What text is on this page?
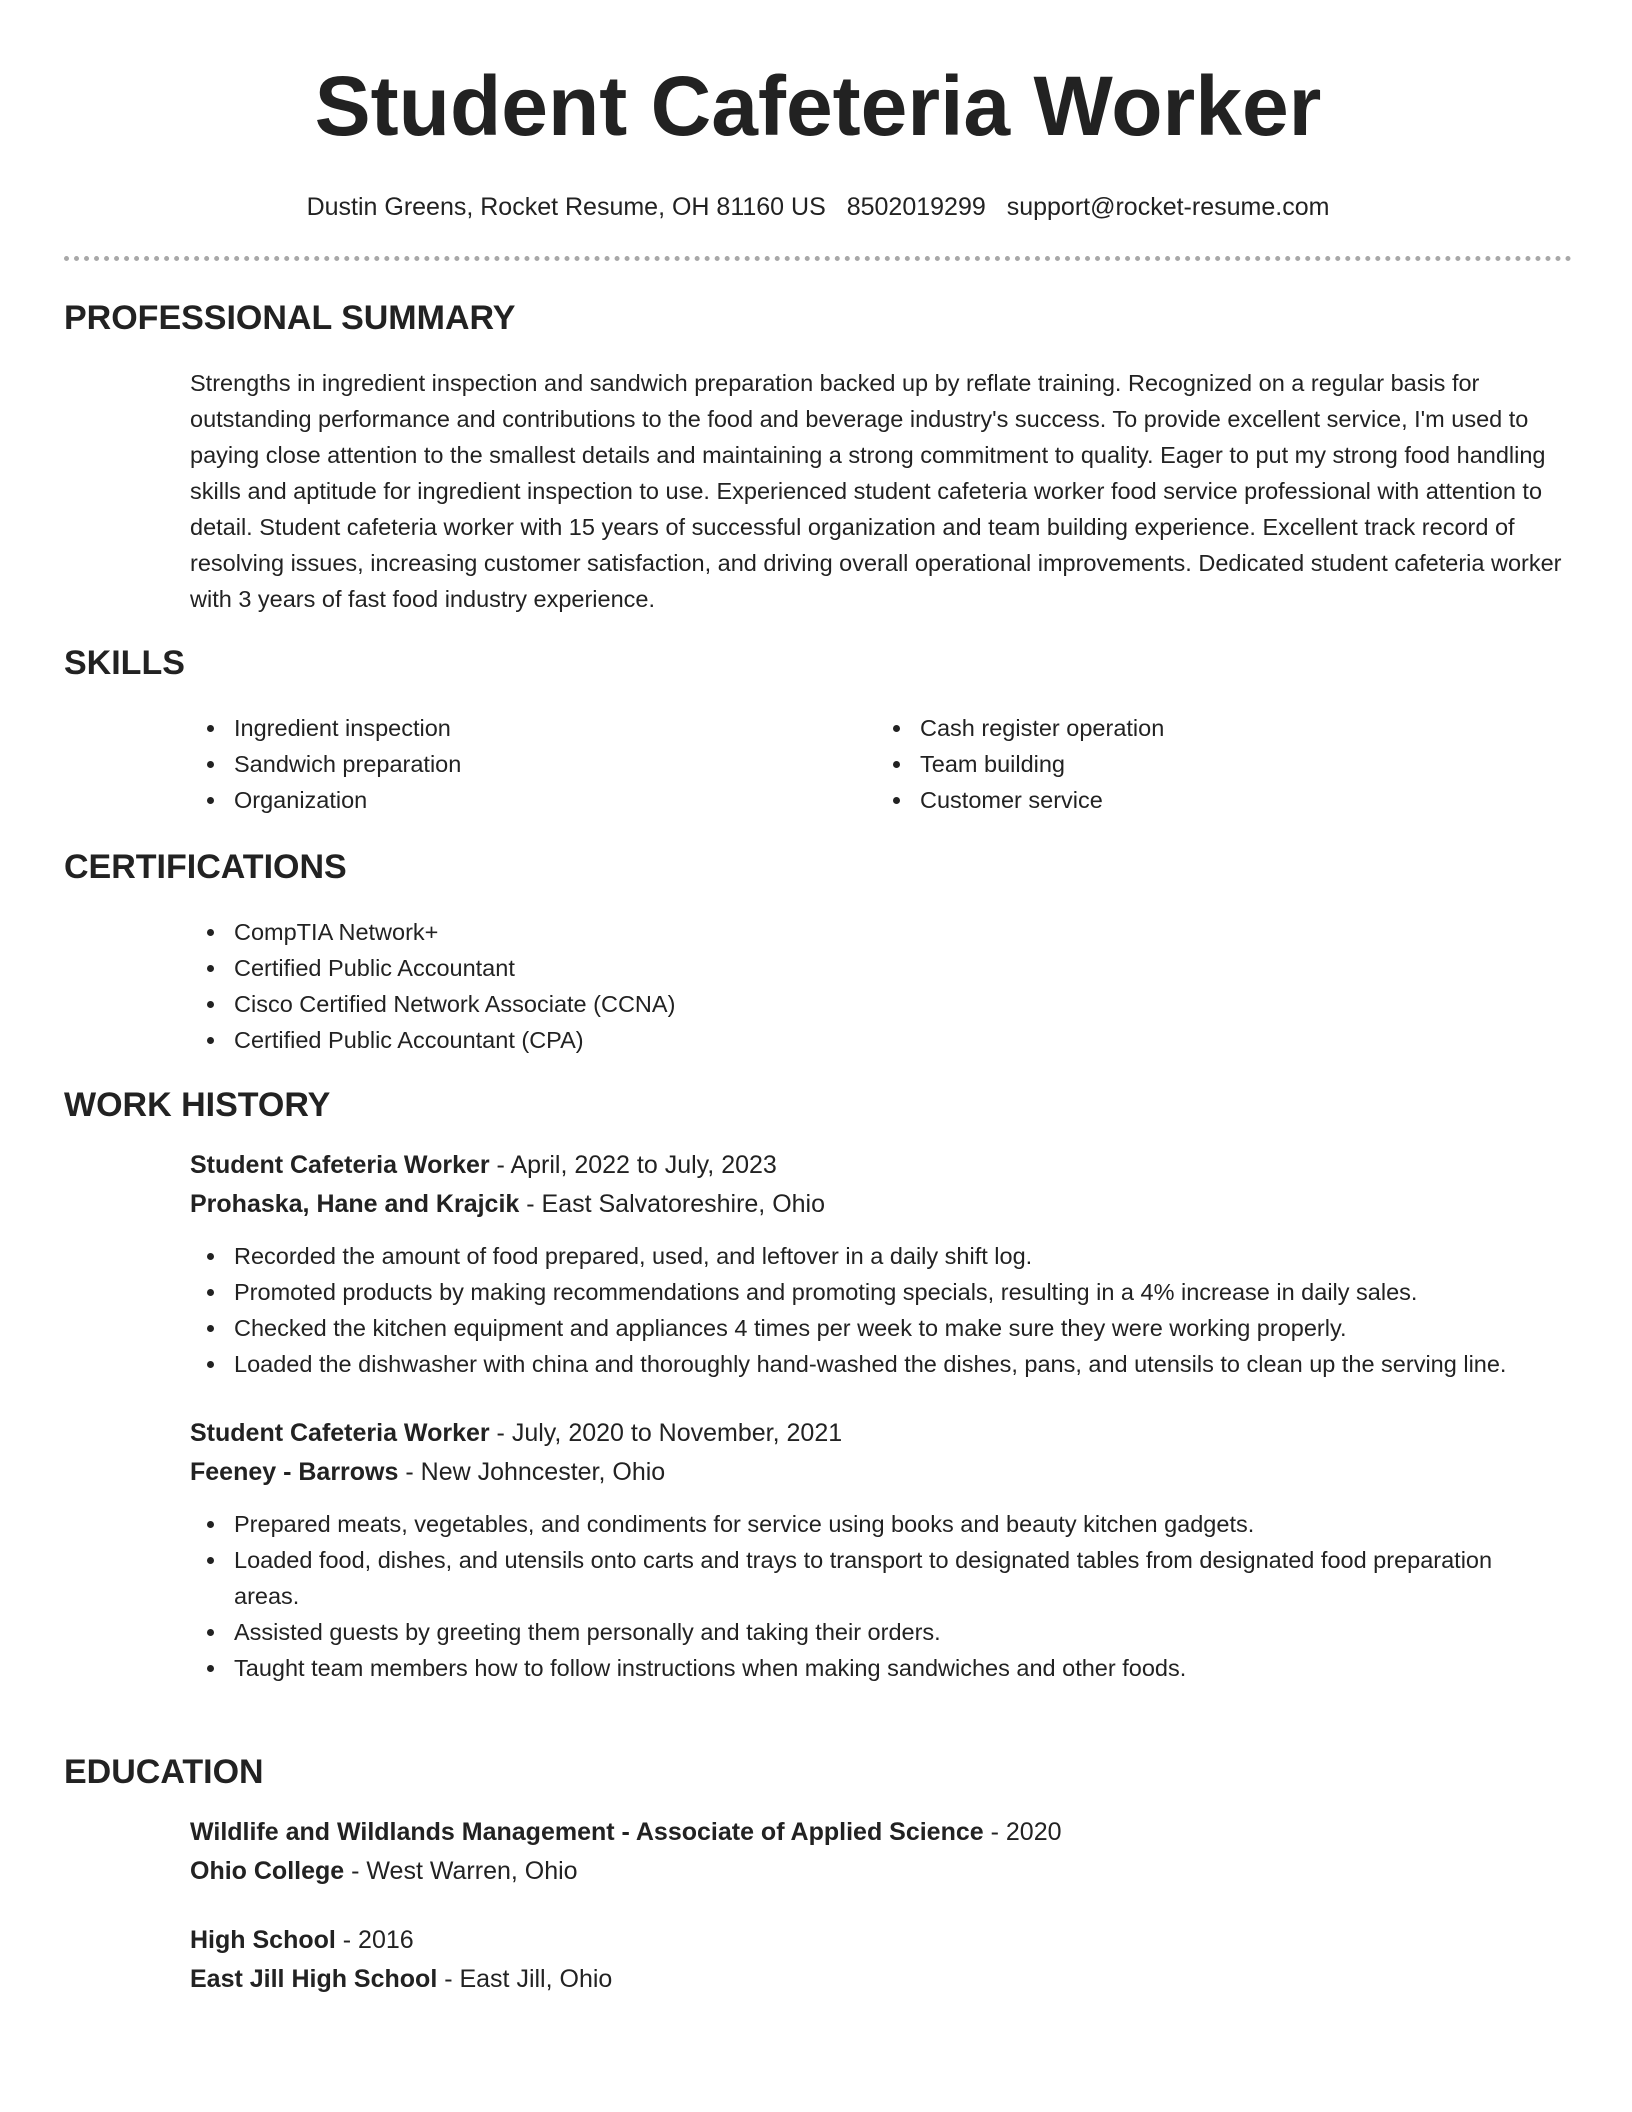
Student Cafeteria Worker
Dustin Greens, Rocket Resume, OH 81160 US 8502019299 support@rocket-resume.com
PROFESSIONAL SUMMARY
Strengths in ingredient inspection and sandwich preparation backed up by reflate training. Recognized on a regular basis for outstanding performance and contributions to the food and beverage industry's success. To provide excellent service, I'm used to paying close attention to the smallest details and maintaining a strong commitment to quality. Eager to put my strong food handling skills and aptitude for ingredient inspection to use. Experienced student cafeteria worker food service professional with attention to detail. Student cafeteria worker with 15 years of successful organization and team building experience. Excellent track record of resolving issues, increasing customer satisfaction, and driving overall operational improvements. Dedicated student cafeteria worker with 3 years of fast food industry experience.
SKILLS
Ingredient inspection
Sandwich preparation
Organization
Cash register operation
Team building
Customer service
CERTIFICATIONS
CompTIA Network+
Certified Public Accountant
Cisco Certified Network Associate (CCNA)
Certified Public Accountant (CPA)
WORK HISTORY
Student Cafeteria Worker - April, 2022 to July, 2023
Prohaska, Hane and Krajcik - East Salvatoreshire, Ohio
Recorded the amount of food prepared, used, and leftover in a daily shift log.
Promoted products by making recommendations and promoting specials, resulting in a 4% increase in daily sales.
Checked the kitchen equipment and appliances 4 times per week to make sure they were working properly.
Loaded the dishwasher with china and thoroughly hand-washed the dishes, pans, and utensils to clean up the serving line.
Student Cafeteria Worker - July, 2020 to November, 2021
Feeney - Barrows - New Johncester, Ohio
Prepared meats, vegetables, and condiments for service using books and beauty kitchen gadgets.
Loaded food, dishes, and utensils onto carts and trays to transport to designated tables from designated food preparation areas.
Assisted guests by greeting them personally and taking their orders.
Taught team members how to follow instructions when making sandwiches and other foods.
EDUCATION
Wildlife and Wildlands Management - Associate of Applied Science - 2020
Ohio College - West Warren, Ohio
High School - 2016
East Jill High School - East Jill, Ohio
